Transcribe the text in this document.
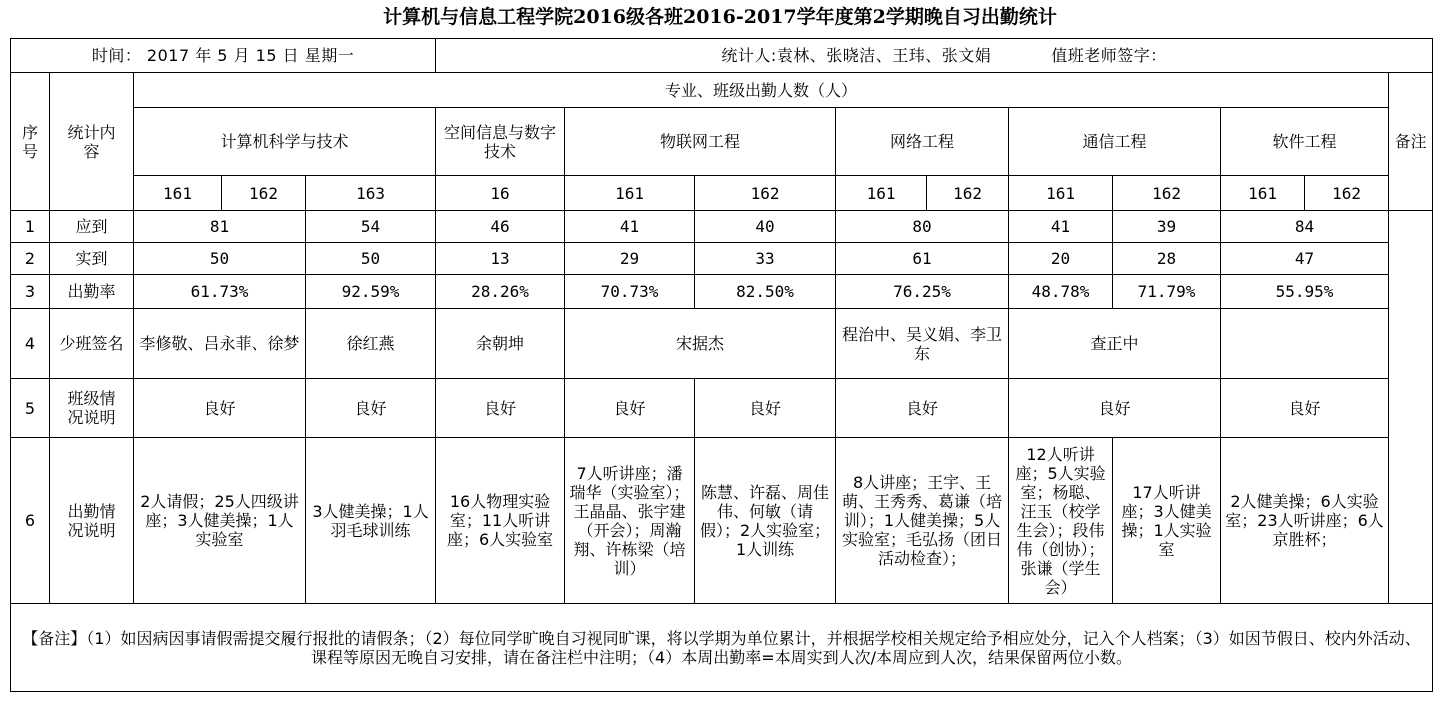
计算机与信息工程学院2016级各班2016-2017学年度第2学期晚自习出勤统计
时间： 2017 年 5 月 15 日 星期一					统计人:袁林、张晓洁、王玮、张文娟 值班老师签字：									
序号	统计内容	专业、班级出勤人数（人）												备注
		计算机科学与技术			空间信息与数字技术	物联网工程		网络工程		通信工程		软件工程		
		161	162	163	16	161	162	161	162	161	162	161	162	
1	应到	81		54	46	41	40	80		41	39	84		
2	实到	50		50	13	29	33	61		20	28	47		
3	出勤率	61.73%		92.59%	28.26%	70.73%	82.50%	76.25%		48.78%	71.79%	55.95%		
4	少班签名	李修敬、吕永菲、徐梦		徐红燕	余朝坤	宋据杰		程治中、吴义娟、李卫东		查正中				
5	班级情况说明	良好		良好	良好	良好	良好	良好		良好		良好		
6	出勤情况说明	2人请假；25人四级讲座；3人健美操；1人实验室		3人健美操；1人羽毛球训练	16人物理实验室；11人听讲座；6人实验室	7人听讲座；潘瑞华（实验室）；王晶晶、张宇建（开会）；周瀚翔、许栋梁（培训）	陈慧、许磊、周佳伟、何敏（请假）；2人实验室；1人训练	8人讲座；王宇、王萌、王秀秀、葛谦（培训）；1人健美操；5人实验室；毛弘扬（团日活动检查）；		12人听讲座；5人实验室；杨聪、汪玉（校学生会）；段伟伟（创协）；张谦（学生会）	17人听讲座；3人健美操；1人实验室	2人健美操；6人实验室；23人听讲座；6人京胜杯；		
【备注】（1）如因病因事请假需提交履行报批的请假条；（2）每位同学旷晚自习视同旷课，将以学期为单位累计，并根据学校相关规定给予相应处分，记入个人档案；（3）如因节假日、校内外活动、课程等原因无晚自习安排，请在备注栏中注明；（4）本周出勤率=本周实到人次/本周应到人次，结果保留两位小数。														
